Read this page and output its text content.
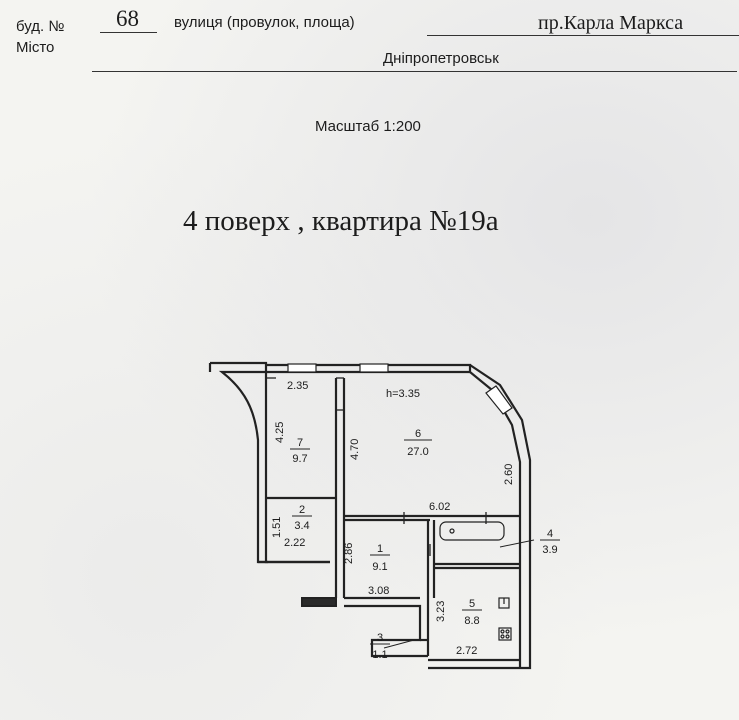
буд. № 68 вулиця (провулок, площа)	пр.Карла Маркса
Місто
Дніпропетровськ
Масштаб 1:200
4 поверх , квартира №19а
h=3.35
2.35
4.25
4.70
2.60
6.02
1.51
2.22	2.86
3.08
3.23
2.72
7
9.7
6
27.0
2
3.4
1
9.1
4
3.9
5
8.8
3
1.1
